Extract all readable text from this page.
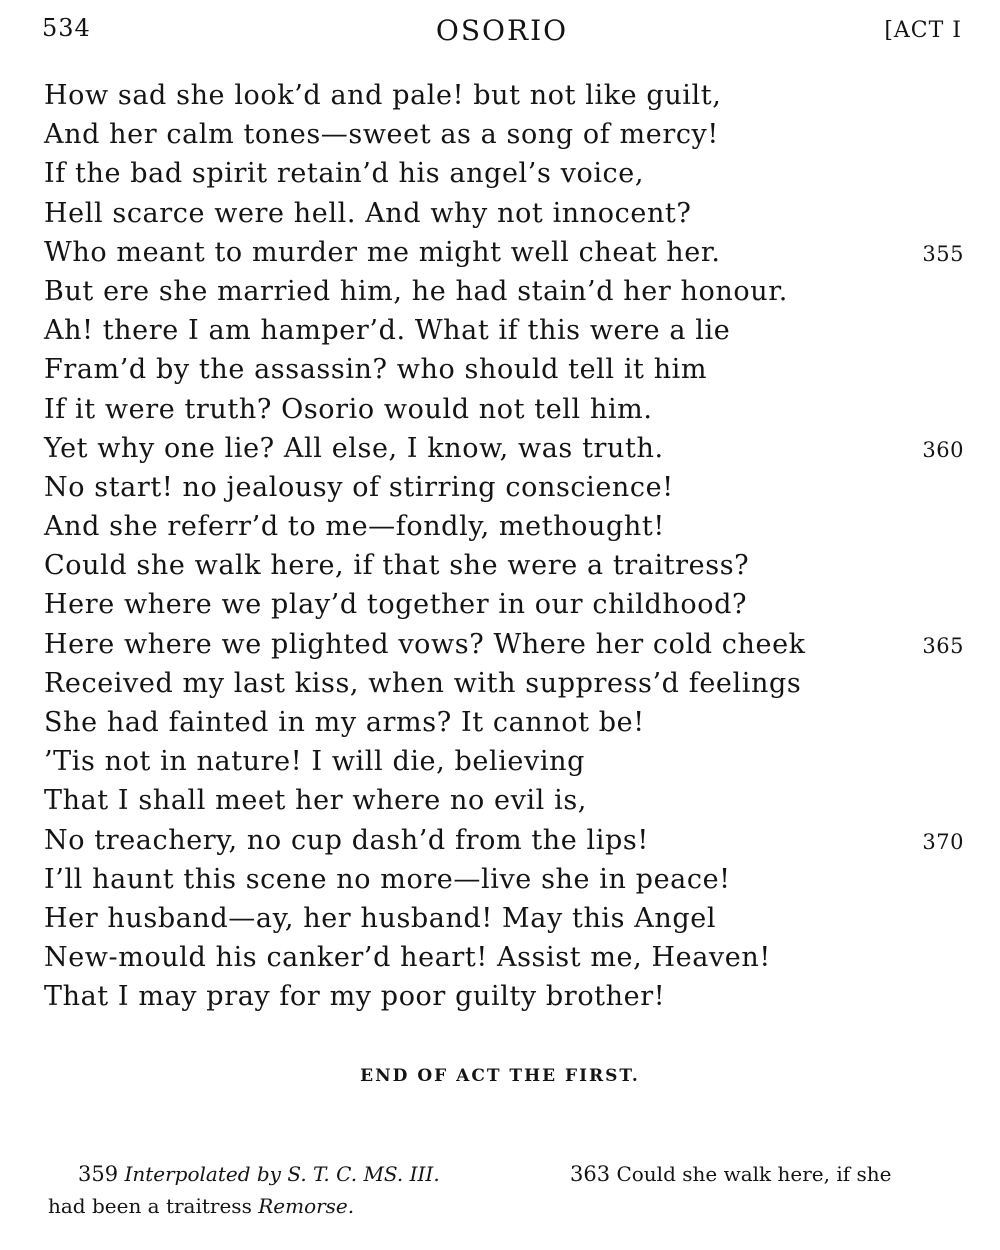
534	OSORIO	[ACT I
How sad she look’d and pale! but not like guilt,
And her calm tones—sweet as a song of mercy!
If the bad spirit retain’d his angel’s voice,
Hell scarce were hell. And why not innocent?
Who meant to murder me might well cheat her.	355
But ere she married him, he had stain’d her honour.
Ah! there I am hamper’d. What if this were a lie
Fram’d by the assassin? who should tell it him
If it were truth? Osorio would not tell him.
Yet why one lie? All else, I know, was truth.	360
No start! no jealousy of stirring conscience!
And she referr’d to me—fondly, methought!
Could she walk here, if that she were a traitress?
Here where we play’d together in our childhood?
Here where we plighted vows? Where her cold cheek	365
Received my last kiss, when with suppress’d feelings
She had fainted in my arms? It cannot be!
’Tis not in nature! I will die, believing
That I shall meet her where no evil is,
No treachery, no cup dash’d from the lips!	370
I’ll haunt this scene no more—live she in peace!
Her husband—ay, her husband! May this Angel
New-mould his canker’d heart! Assist me, Heaven!
That I may pray for my poor guilty brother!
END OF ACT THE FIRST.
359 Interpolated by S. T. C. MS. III.	363 Could she walk here, if she
had been a traitress Remorse.
